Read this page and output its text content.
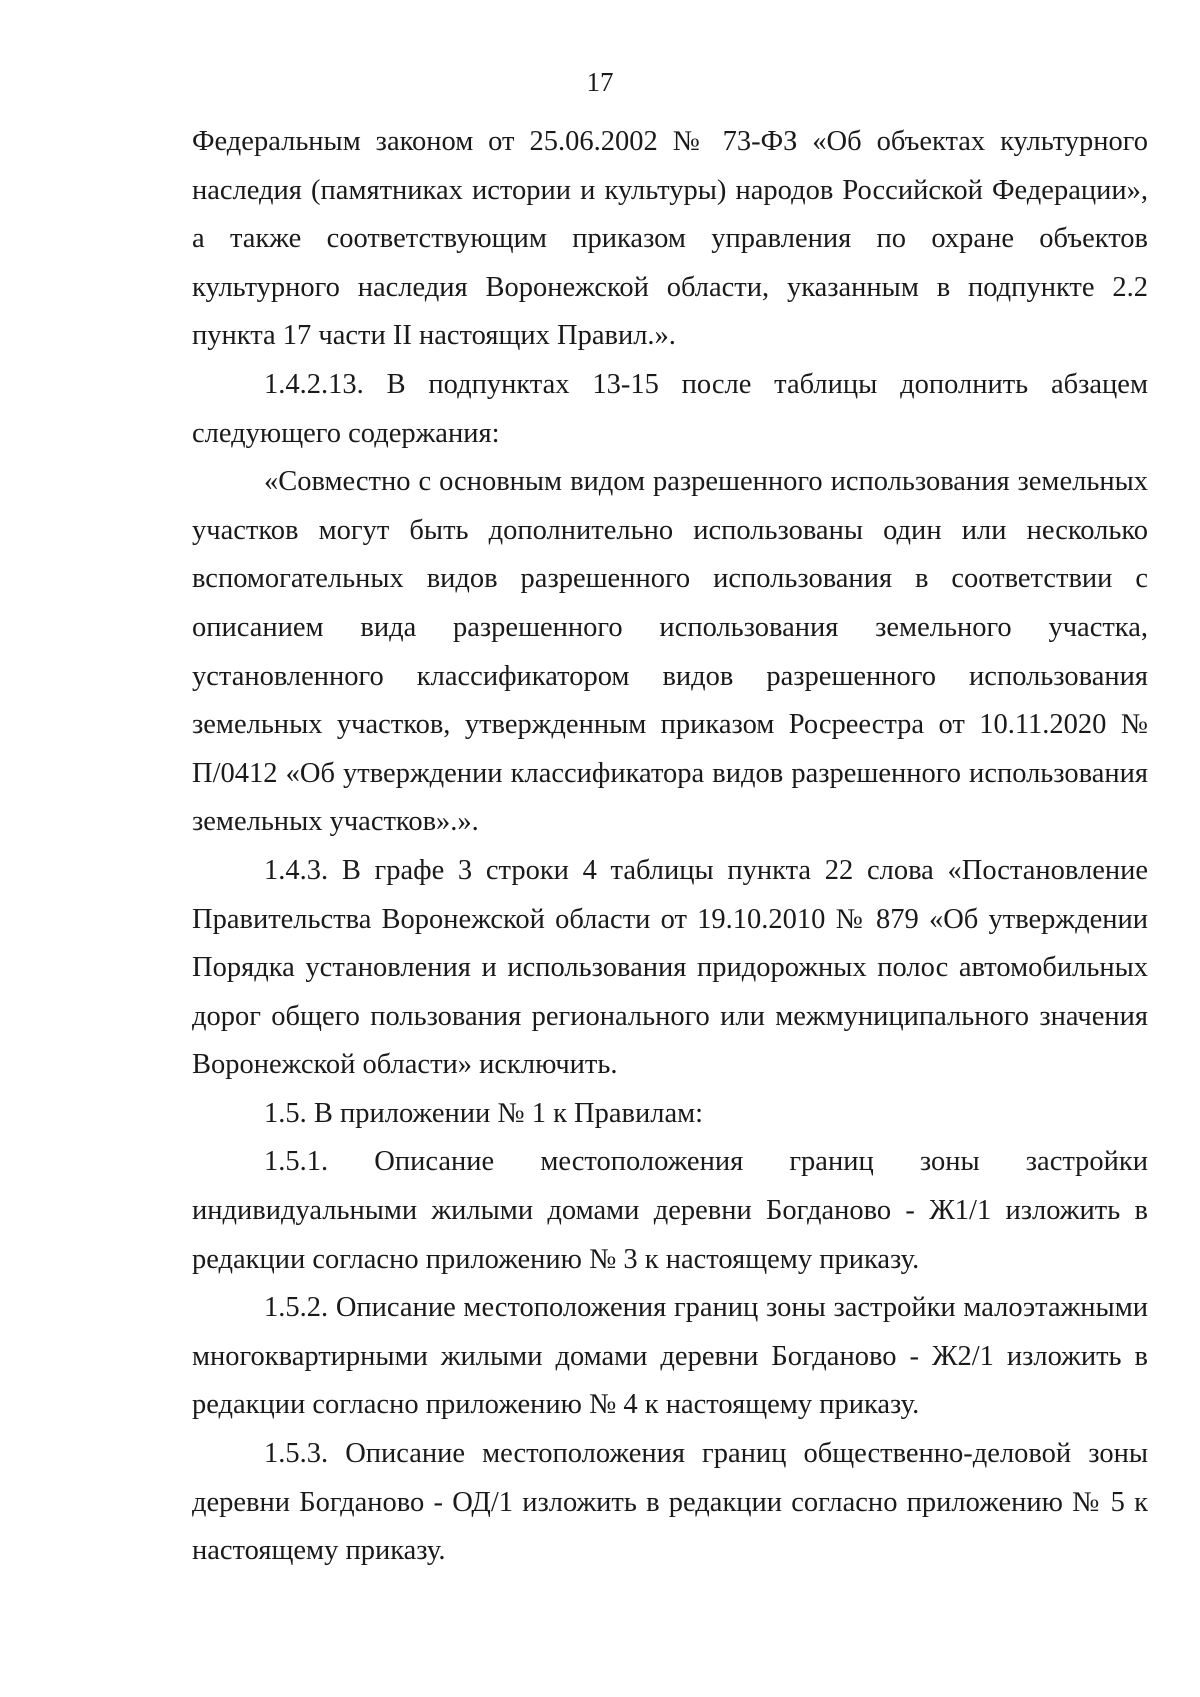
17

Федеральным законом от 25.06.2002 № 73-ФЗ «Об объектах культурного наследия (памятниках истории и культуры) народов Российской Федерации», а также соответствующим приказом управления по охране объектов культурного наследия Воронежской области, указанным в подпункте 2.2 пункта 17 части II настоящих Правил.».

1.4.2.13. В подпунктах 13-15 после таблицы дополнить абзацем следующего содержания:

«Совместно с основным видом разрешенного использования земельных участков могут быть дополнительно использованы один или несколько вспомогательных видов разрешенного использования в соответствии с описанием вида разрешенного использования земельного участка, установленного классификатором видов разрешенного использования земельных участков, утвержденным приказом Росреестра от 10.11.2020 № П/0412 «Об утверждении классификатора видов разрешенного использования земельных участков».».

1.4.3. В графе 3 строки 4 таблицы пункта 22 слова «Постановление Правительства Воронежской области от 19.10.2010 № 879 «Об утверждении Порядка установления и использования придорожных полос автомобильных дорог общего пользования регионального или межмуниципального значения Воронежской области» исключить.

1.5. В приложении № 1 к Правилам:

1.5.1. Описание местоположения границ зоны застройки индивидуальными жилыми домами деревни Богданово - Ж1/1 изложить в редакции согласно приложению № 3 к настоящему приказу.

1.5.2. Описание местоположения границ зоны застройки малоэтажными многоквартирными жилыми домами деревни Богданово - Ж2/1 изложить в редакции согласно приложению № 4 к настоящему приказу.

1.5.3. Описание местоположения границ общественно-деловой зоны деревни Богданово - ОД/1 изложить в редакции согласно приложению № 5 к настоящему приказу.
